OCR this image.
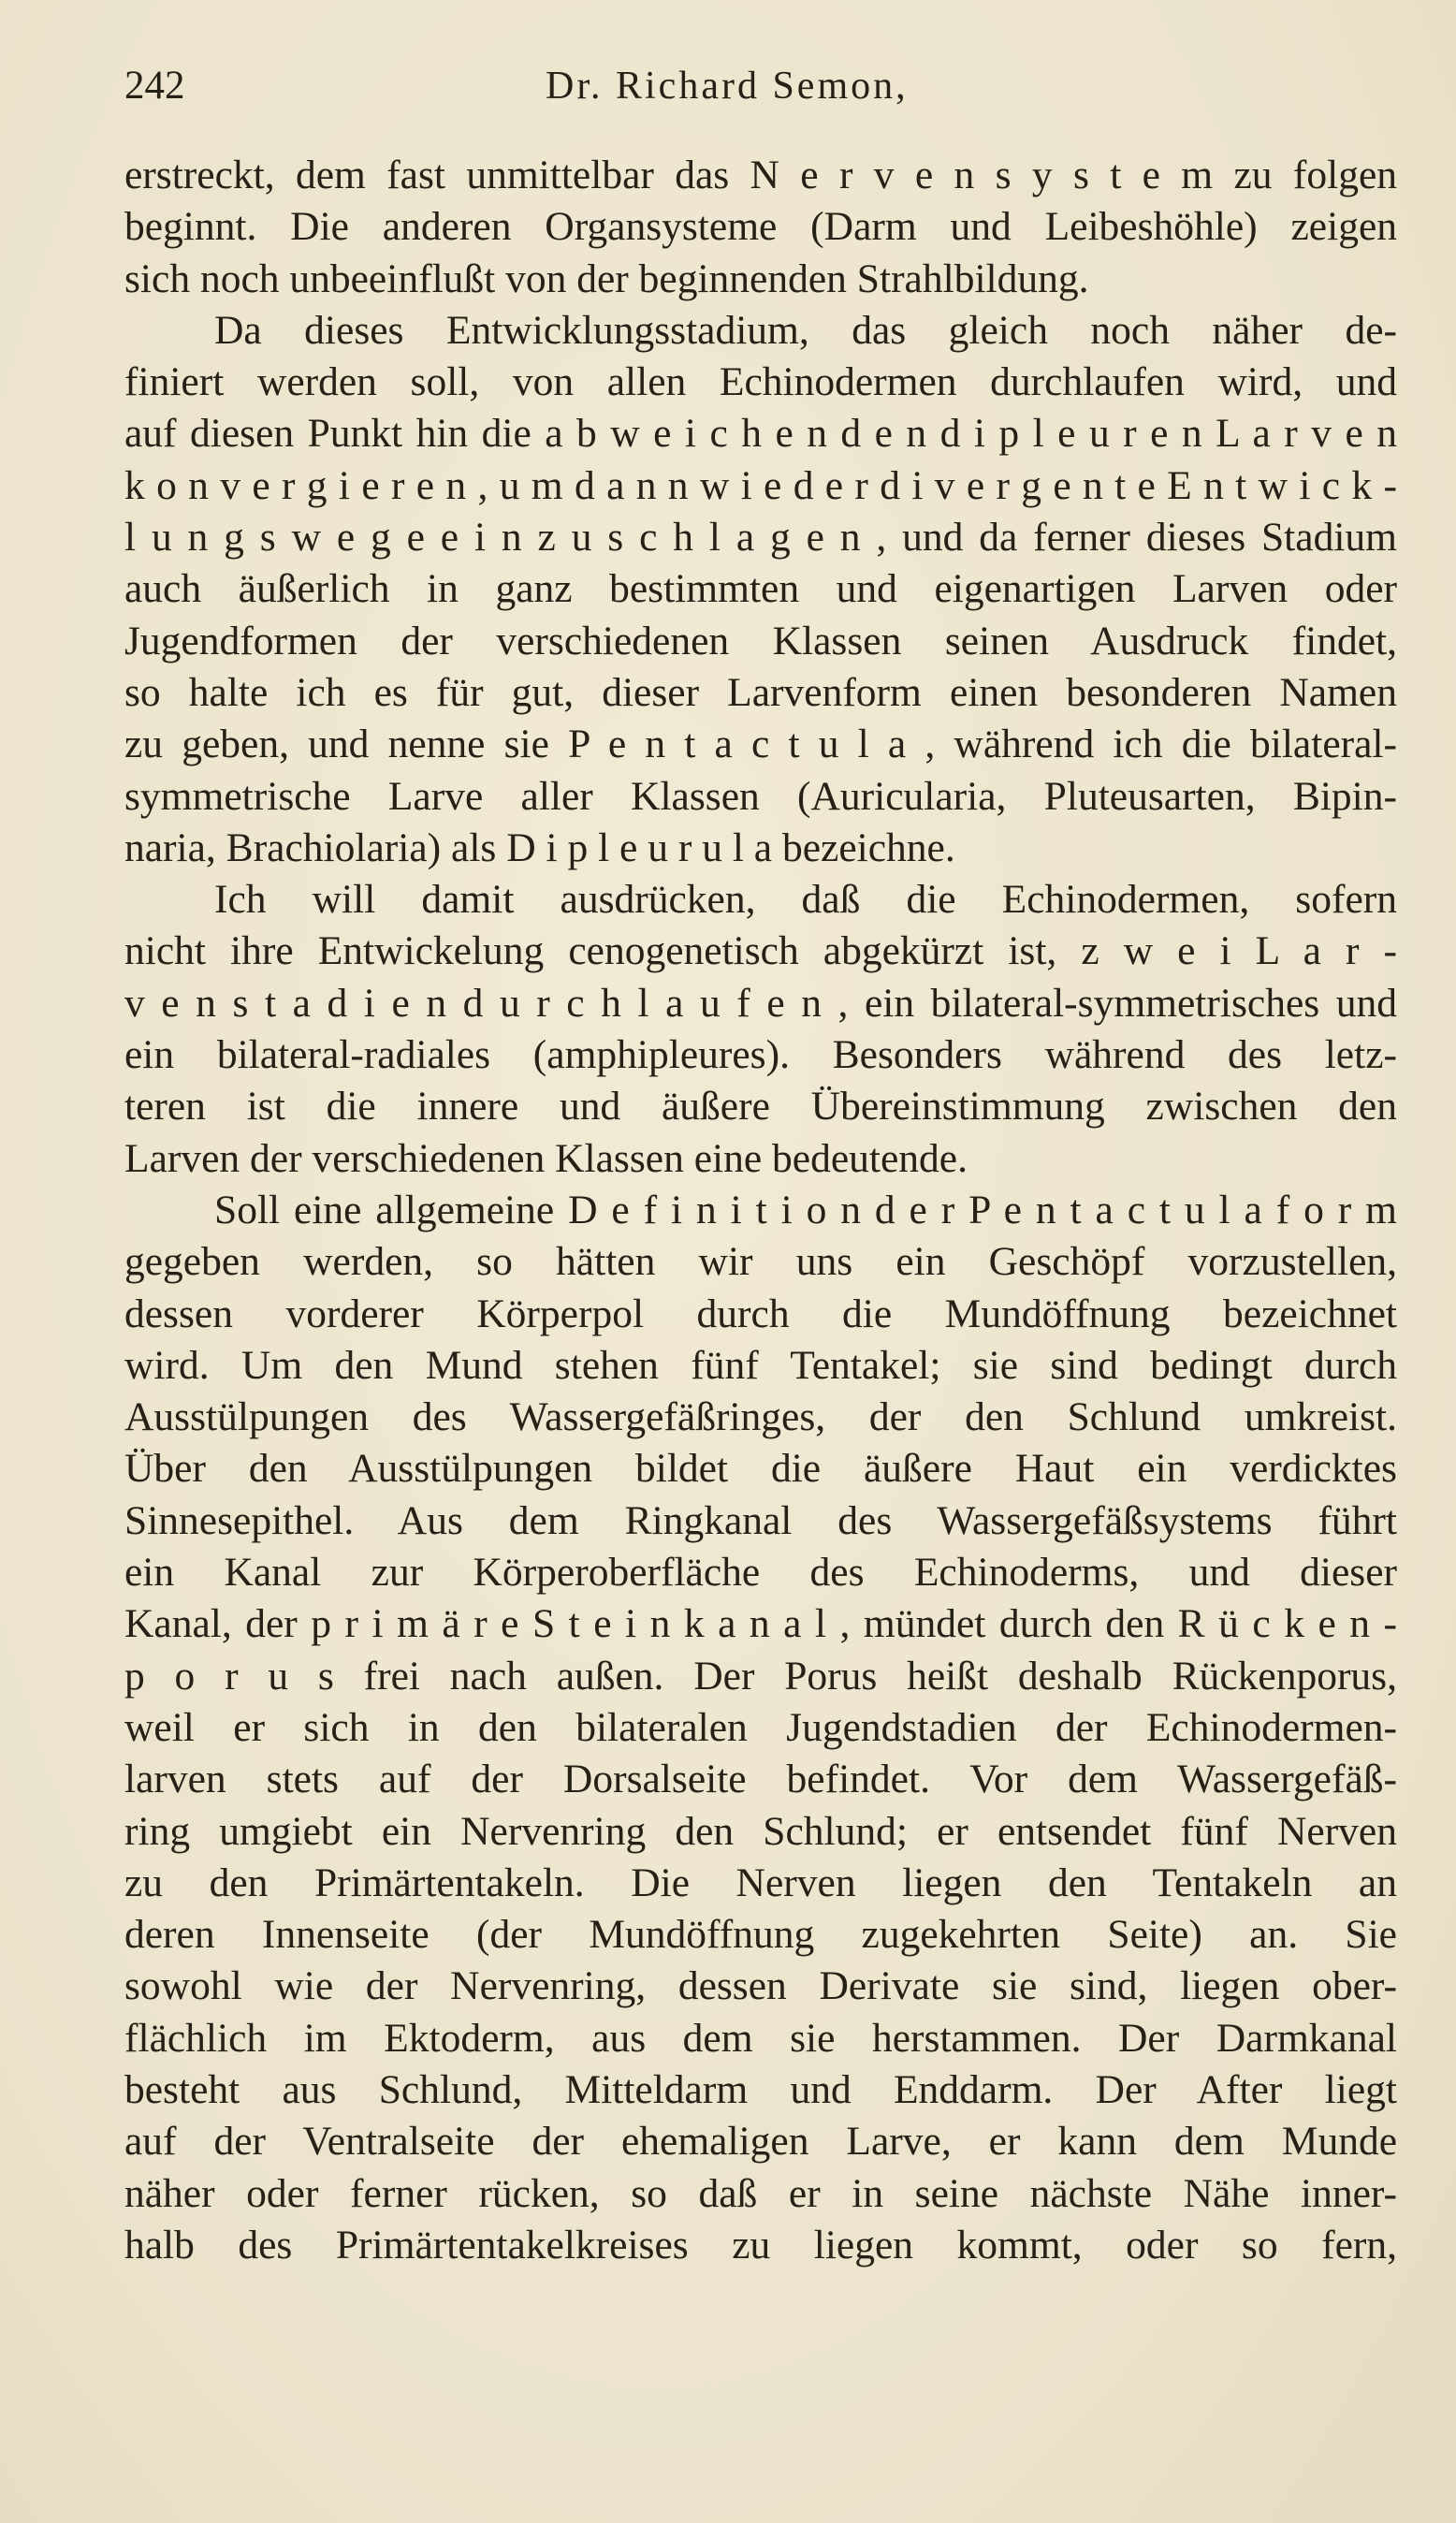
242	Dr. Richard Semon,
erstreckt, dem fast unmittelbar das N e r v e n s y s t e m zu folgen
beginnt. Die anderen Organsysteme (Darm und Leibeshöhle) zeigen
sich noch unbeeinflußt von der beginnenden Strahlbildung.
Da dieses Entwicklungsstadium, das gleich noch näher de-
finiert werden soll, von allen Echinodermen durchlaufen wird, und
auf diesen Punkt hin die a b w e i c h e n d e n d i p l e u r e n L a r v e n
k o n v e r g i e r e n , u m d a n n w i e d e r d i v e r g e n t e E n t w i c k -
l u n g s w e g e e i n z u s c h l a g e n , und da ferner dieses Stadium
auch äußerlich in ganz bestimmten und eigenartigen Larven oder
Jugendformen der verschiedenen Klassen seinen Ausdruck findet,
so halte ich es für gut, dieser Larvenform einen besonderen Namen
zu geben, und nenne sie P e n t a c t u l a , während ich die bilateral-
symmetrische Larve aller Klassen (Auricularia, Pluteusarten, Bipin-
naria, Brachiolaria) als D i p l e u r u l a bezeichne.
Ich will damit ausdrücken, daß die Echinodermen, sofern
nicht ihre Entwickelung cenogenetisch abgekürzt ist, z w e i L a r -
v e n s t a d i e n d u r c h l a u f e n , ein bilateral-symmetrisches und
ein bilateral-radiales (amphipleures). Besonders während des letz-
teren ist die innere und äußere Übereinstimmung zwischen den
Larven der verschiedenen Klassen eine bedeutende.
Soll eine allgemeine D e f i n i t i o n d e r P e n t a c t u l a f o r m
gegeben werden, so hätten wir uns ein Geschöpf vorzustellen,
dessen vorderer Körperpol durch die Mundöffnung bezeichnet
wird. Um den Mund stehen fünf Tentakel; sie sind bedingt durch
Ausstülpungen des Wassergefäßringes, der den Schlund umkreist.
Über den Ausstülpungen bildet die äußere Haut ein verdicktes
Sinnesepithel. Aus dem Ringkanal des Wassergefäßsystems führt
ein Kanal zur Körperoberfläche des Echinoderms, und dieser
Kanal, der p r i m ä r e S t e i n k a n a l , mündet durch den R ü c k e n -
p o r u s frei nach außen. Der Porus heißt deshalb Rückenporus,
weil er sich in den bilateralen Jugendstadien der Echinodermen-
larven stets auf der Dorsalseite befindet. Vor dem Wassergefäß-
ring umgiebt ein Nervenring den Schlund; er entsendet fünf Nerven
zu den Primärtentakeln. Die Nerven liegen den Tentakeln an
deren Innenseite (der Mundöffnung zugekehrten Seite) an. Sie
sowohl wie der Nervenring, dessen Derivate sie sind, liegen ober-
flächlich im Ektoderm, aus dem sie herstammen. Der Darmkanal
besteht aus Schlund, Mitteldarm und Enddarm. Der After liegt
auf der Ventralseite der ehemaligen Larve, er kann dem Munde
näher oder ferner rücken, so daß er in seine nächste Nähe inner-
halb des Primärtentakelkreises zu liegen kommt, oder so fern,
